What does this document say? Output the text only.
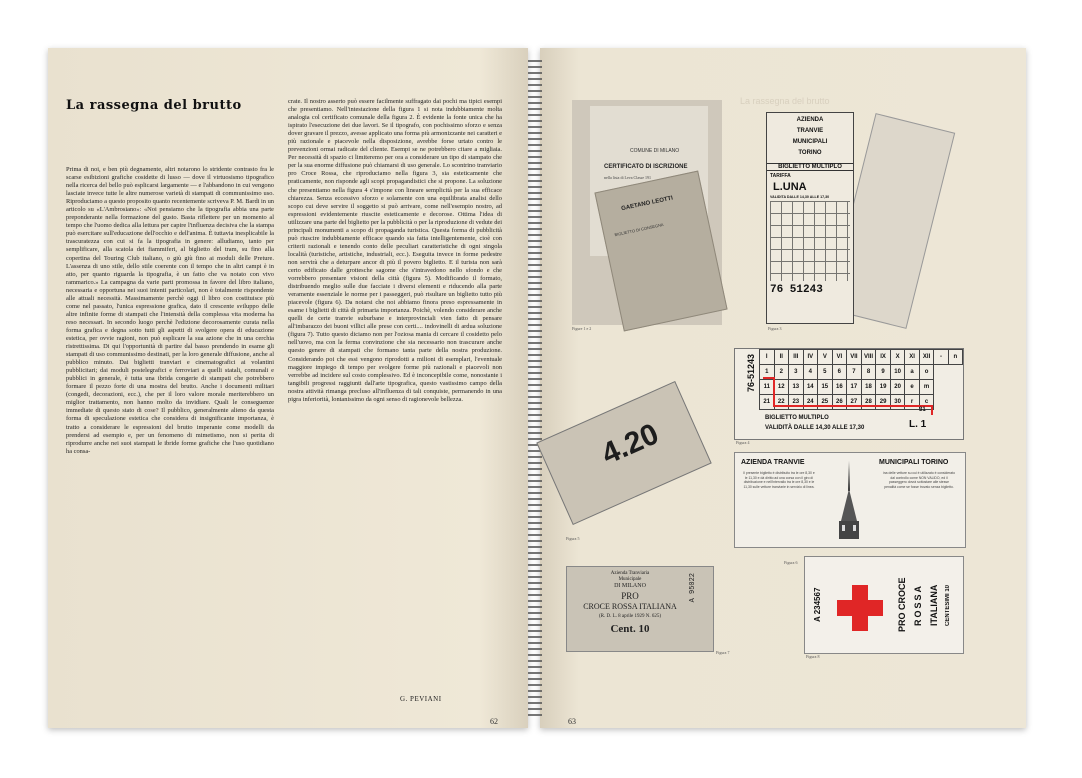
La rassegna del brutto
Prima di noi, e ben più degnamente, altri notarono lo stridente contrasto fra le scarse esibizioni grafiche cosidette di lusso — dove il virtuosismo tipografico nella ricerca del bello può esplicarsi largamente — e l'abbandono in cui vengono lasciate invece tutte le altre numerose varietà di stampati di communissimo uso. Riproduciamo a questo proposito quanto recentemente scriveva P. M. Bardi in un articolo su «L'Ambrosiano»: «Noi pensiamo che la tipografia abbia una parte preponderante nella formazione del gusto. Basta riflettere per un momento al tempo che l'uomo dedica alla lettura per capire l'influenza decisiva che la stampa può esercitare sull'educazione dell'occhio e dell'anima. È tuttavia inesplicabile la trascuratezza con cui si fa la tipografia in genere: alludiamo, tanto per semplificare, alla scatola dei fiammiferi, al biglietto del tram, su fino alla copertina del Touring Club italiano, o giù giù fino ai moduli delle Preture. L'assenza di uno stile, dello stile coerente con il tempo che in altri campi è in atto, per quanto riguarda la tipografia, è un fatto che va notato con vivo rammarico.» La campagna da varie parti promossa in favore del libro italiano, necessaria e opportuna nei suoi intenti particolari, non è totalmente rispondente alle attuali necessità. Massimamente perchè oggi il libro con costituisce più come nel passato, l'unica espressione grafica, dato il crescente sviluppo delle altre infinite forme di stampati che l'intensità della complessa vita moderna ha reso necessari. In secondo luogo perchè l'edizione decorosamente curata nella forma grafica e degna sotto tutti gli aspetti di svolgere opera di educazione estetica, per ovvie ragioni, non può esplicare la sua azione che in una cerchia ristrettissima. Di qui l'opportunità di partire dal basso prendendo in esame gli stampati di uso communissimo destinati, per la loro generale diffusione, anche al pubblico minuto. Dai biglietti tranviari e cinematografici ai volantini pubblicitari; dai moduli postelegrafici e ferroviari a quelli statali, comunali e pubblici in generale, è tutta una ibrida congerie di stampati che potrebbero formare il pezzo forte di una mostra del brutto. Anche i documenti militari (congedi, decorazioni, ecc.), che per il loro valore morale meriterebbero un miglior trattamento, non hanno molto da invidiare. Quali le conseguenze immediate di questo stato di cose? Il pubblico, generalmente alieno da questa forma di speculazione estetica che considera di insignificante importanza, è tratto a considerare le espressioni del brutto imperante come modelli da prendersi ad esempio e, per un fenomeno di mimetismo, non si perita di riprodurre anche nei suoi stampati le ibride forme grafiche che l'uso quotidiano ha consa-
crate. Il nostro asserto può essere facilmente suffragato dai pochi ma tipici esempi che presentiamo. Nell'intestazione della figura 1 si nota indubbiamente molta analogia col certificato comunale della figura 2. È evidente la fonte unica che ha ispirato l'esecuzione dei due lavori. Se il tipografo, con pochissimo sforzo e senza dover gravare il prezzo, avesse applicato una forma più armonizzante nei caratteri e più razionale e piacevole nella disposizione, avrebbe forse urtato contro le prevenzioni ormai radicate del cliente. Esempi se ne potrebbero citare a migliaia. Per necessità di spazio ci limiteremo per ora a considerare un tipo di stampato che per la sua enorme diffusione può chiamarsi di uso generale. Lo scontrino tranviario pro Croce Rossa, che riproduciamo nella figura 3, sia esteticamente che praticamente, non risponde agli scopi propagandistici che si propone. La soluzione che presentiamo nella figura 4 s'impone con lineare semplicità per la sua efficace chiarezza. Senza eccessivo sforzo e solamente con una equilibrata analisi dello scopo cui deve servire il soggetto si può arrivare, come nell'esempio nostro, ad espressioni evidentemente riuscite esteticamente e decorose. Ottima l'idea di utilizzare una parte del biglietto per la pubblicità o per la riproduzione di vedute dei principali monumenti a scopo di propaganda turistica. Questa forma di pubblicità può riuscire indubbiamente efficace quando sia fatta intelligentemente, cioè con criterii razionali e tenendo conto delle peculiari caratteristiche di ogni singola località (turistiche, artistiche, industriali, ecc.). Eseguita invece in forme pedestre non servirà che a deturpare ancor di più il povero biglietto. E il turista non sarà certo edificato dalle grottesche sagome che s'intravedono nello sfondo e che vorrebbero presentare visioni della città (figura 5). Modificando il formato, distribuendo meglio sulle due facciate i diversi elementi e riducendo alla parte veramente essenziale le norme per i passeggeri, può risultare un biglietto tutto più piacevole (figura 6). Da notarsi che noi abbiamo finora preso espressamente in esame i biglietti di città di primaria importanza. Poichè, volendo considerare anche quelli de certe tranvie suburbane e interprovinciali vien fatto di pensare all'imbarazzo dei buoni villici alle prese con certi.... indovinelli di ardua soluzione (figura 7). Tutto questo diciamo non per l'oziosa mania di cercare il cosidetto pelo nell'uovo, ma con la ferma convinzione che sia necessario non trascurare anche questo genere di stampati che formano tanta parte della nostra produzione. Considerando poi che essi vengono riprodotti a milioni di esemplari, l'eventuale maggiore impiego di tempo per svolgere forme più razionali e piacevoli non verrebbe ad incidere sul costo complessivo. Ed è inconcepibile come, nonostante i tangibili progressi raggiunti dall'arte tipografica, questo vastissimo campo della nostra attività rimanga precluso all'influenza di tali conquiste, permanendo in una pigra inferiorità, lontanissimo da ogni senso di ragionevole bellezza.
G. PEVIANI
62
La rassegna del brutto
63
COMUNE DI MILANO
CERTIFICATO DI ISCRIZIONE
nella lista di Leva Classe 191
GAETANO LEOTTI
BIGLIETTO DI CONSEGNA
Figure 1 e 2
AZIENDA
TRANVIE
MUNICIPALI
TORINO
BIGLIETTO MULTIPLO
TARIFFA
L.UNA
VALIDITA DALLE 14,30 ALLE 17,30
76 51243
Figura 3
76-51243	I	II	III	IV	V	VI	VII	VIII	IX	X	XI	XII	-	n
1	2	3	4	5	6	7	8	9	10	a	o		
11	12	13	14	15	16	17	18	19	20	e	m		
21	22	23	24	25	26	27	28	29	30	r	c		
31
BIGLIETTO MULTIPLO
VALIDITÀ DALLE 14,30 ALLE 17,30	L. 1
Figura 4
4.20
Figura 5
AZIENDA TRANVIE	MUNICIPALI TORINO
Il presente biglietto è distribuito tra le ore 8,30 e le 11,30 e dà diritto ad una corsa con il giro di distribuzione e nell'intervallo tra le ore 8,30 e le 11,30 sulle vetture tranviarie in servizio di linea.
ina delle vetture su cui è utilizzato è considerato dal controllo come NON VALIDO, ed il passeggero dovrà sottostare alle stesse penalità come se fosse trovato senza biglietto.
Figura 6
Azienda Tranviaria
Municipale
DI MILANO
PRO
CROCE ROSSA ITALIANA
(R. D. L. 8 aprile 1929 N. 625)
Cent. 10
A 95022
Figura 7
A 234567	PRO CROCE ROSSA ITALIANA CENTESIMI 10
Figura 8
